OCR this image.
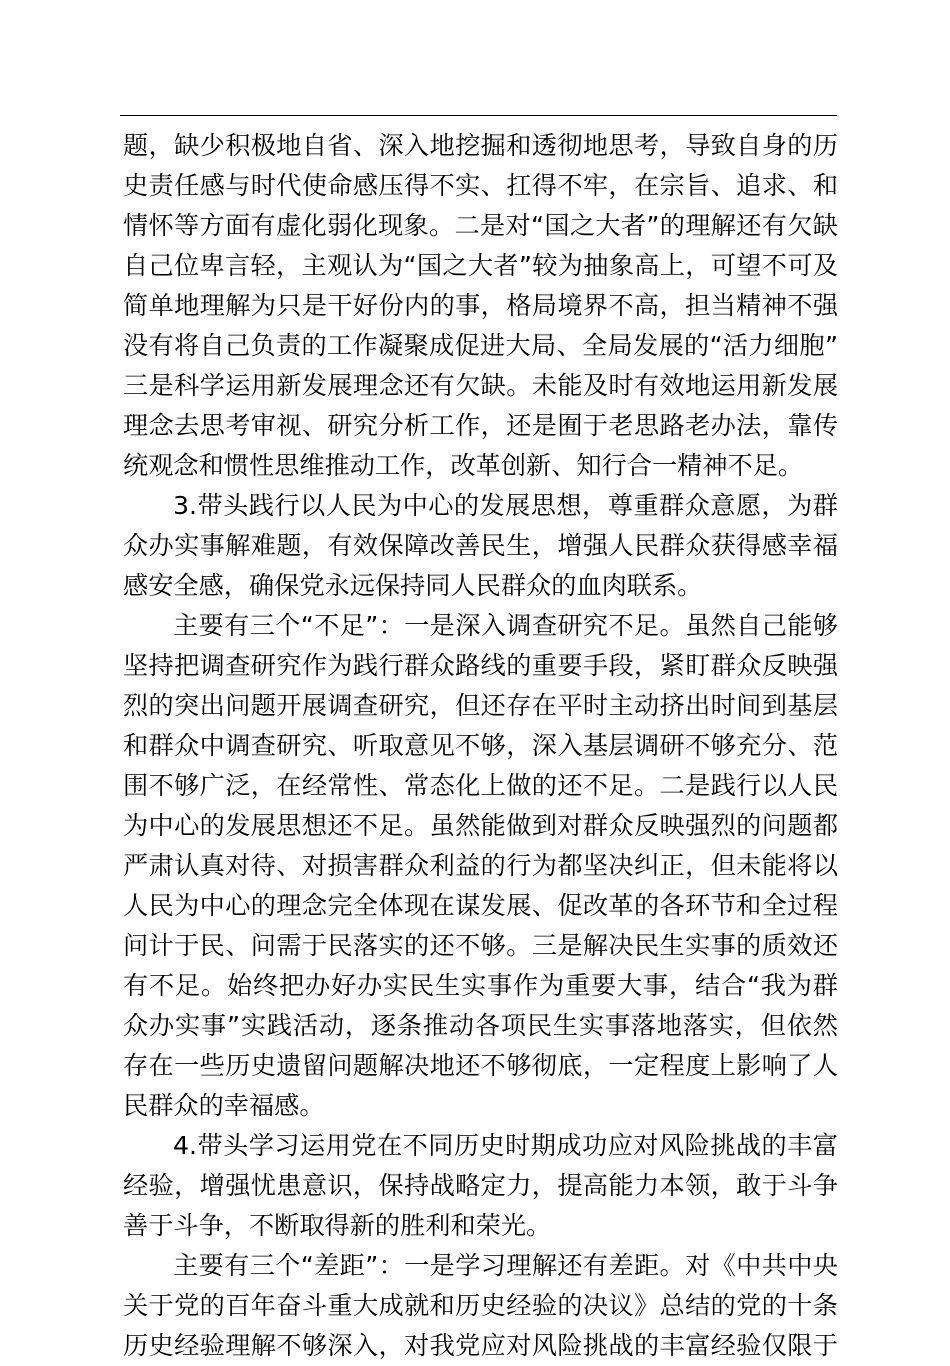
题，缺少积极地自省、深入地挖掘和透彻地思考，导致自身的历
史责任感与时代使命感压得不实、扛得不牢，在宗旨、追求、和
情怀等方面有虚化弱化现象。二是对“国之大者”的理解还有欠缺
自己位卑言轻，主观认为“国之大者”较为抽象高上，可望不可及
简单地理解为只是干好份内的事，格局境界不高，担当精神不强
没有将自己负责的工作凝聚成促进大局、全局发展的“活力细胞”
三是科学运用新发展理念还有欠缺。未能及时有效地运用新发展
理念去思考审视、研究分析工作，还是囿于老思路老办法，靠传
统观念和惯性思维推动工作，改革创新、知行合一精神不足。
3.带头践行以人民为中心的发展思想，尊重群众意愿，为群
众办实事解难题，有效保障改善民生，增强人民群众获得感幸福
感安全感，确保党永远保持同人民群众的血肉联系。
主要有三个“不足”：一是深入调查研究不足。虽然自己能够
坚持把调查研究作为践行群众路线的重要手段，紧盯群众反映强
烈的突出问题开展调查研究，但还存在平时主动挤出时间到基层
和群众中调查研究、听取意见不够，深入基层调研不够充分、范
围不够广泛，在经常性、常态化上做的还不足。二是践行以人民
为中心的发展思想还不足。虽然能做到对群众反映强烈的问题都
严肃认真对待、对损害群众利益的行为都坚决纠正，但未能将以
人民为中心的理念完全体现在谋发展、促改革的各环节和全过程
问计于民、问需于民落实的还不够。三是解决民生实事的质效还
有不足。始终把办好办实民生实事作为重要大事，结合“我为群
众办实事”实践活动，逐条推动各项民生实事落地落实，但依然
存在一些历史遗留问题解决地还不够彻底，一定程度上影响了人
民群众的幸福感。
4.带头学习运用党在不同历史时期成功应对风险挑战的丰富
经验，增强忧患意识，保持战略定力，提高能力本领，敢于斗争
善于斗争，不断取得新的胜利和荣光。
主要有三个“差距”：一是学习理解还有差距。对《中共中央
关于党的百年奋斗重大成就和历史经验的决议》总结的党的十条
历史经验理解不够深入，对我党应对风险挑战的丰富经验仅限于
